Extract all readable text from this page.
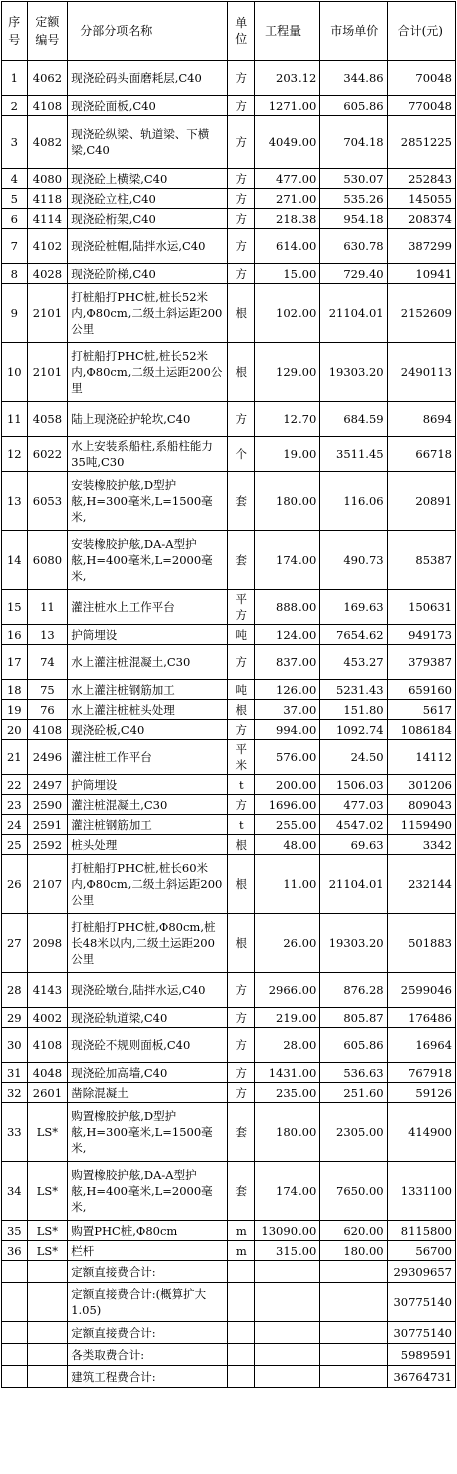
序号	定额编号	分部分项名称	单位	工程量	市场单价	合计(元)
1	4062	现浇砼码头面磨耗层,C40	方	203.12	344.86	70048
2	4108	现浇砼面板,C40	方	1271.00	605.86	770048
3	4082	现浇砼纵梁、轨道梁、下横梁,C40	方	4049.00	704.18	2851225
4	4080	现浇砼上横梁,C40	方	477.00	530.07	252843
5	4118	现浇砼立柱,C40	方	271.00	535.26	145055
6	4114	现浇砼桁架,C40	方	218.38	954.18	208374
7	4102	现浇砼桩帽,陆拌水运,C40	方	614.00	630.78	387299
8	4028	现浇砼阶梯,C40	方	15.00	729.40	10941
9	2101	打桩船打PHC桩,桩长52米内,Φ80cm,二级土斜运距200公里	根	102.00	21104.01	2152609
10	2101	打桩船打PHC桩,桩长52米内,Φ80cm,二级土运距200公里	根	129.00	19303.20	2490113
11	4058	陆上现浇砼护轮坎,C40	方	12.70	684.59	8694
12	6022	水上安装系船柱,系船柱能力35吨,C30	个	19.00	3511.45	66718
13	6053	安装橡胶护舷,D型护舷,H=300毫米,L=1500毫米,	套	180.00	116.06	20891
14	6080	安装橡胶护舷,DA-A型护舷,H=400毫米,L=2000毫米,	套	174.00	490.73	85387
15	11	灌注桩水上工作平台	平方	888.00	169.63	150631
16	13	护筒埋设	吨	124.00	7654.62	949173
17	74	水上灌注桩混凝土,C30	方	837.00	453.27	379387
18	75	水上灌注桩钢筋加工	吨	126.00	5231.43	659160
19	76	水上灌注桩桩头处理	根	37.00	151.80	5617
20	4108	现浇砼板,C40	方	994.00	1092.74	1086184
21	2496	灌注桩工作平台	平米	576.00	24.50	14112
22	2497	护筒埋设	t	200.00	1506.03	301206
23	2590	灌注桩混凝土,C30	方	1696.00	477.03	809043
24	2591	灌注桩钢筋加工	t	255.00	4547.02	1159490
25	2592	桩头处理	根	48.00	69.63	3342
26	2107	打桩船打PHC桩,桩长60米内,Φ80cm,二级土斜运距200公里	根	11.00	21104.01	232144
27	2098	打桩船打PHC桩,Φ80cm,桩长48米以内,二级土运距200公里	根	26.00	19303.20	501883
28	4143	现浇砼墩台,陆拌水运,C40	方	2966.00	876.28	2599046
29	4002	现浇砼轨道梁,C40	方	219.00	805.87	176486
30	4108	现浇砼不规则面板,C40	方	28.00	605.86	16964
31	4048	现浇砼加高墙,C40	方	1431.00	536.63	767918
32	2601	凿除混凝土	方	235.00	251.60	59126
33	LS*	购置橡胶护舷,D型护舷,H=300毫米,L=1500毫米,	套	180.00	2305.00	414900
34	LS*	购置橡胶护舷,DA-A型护舷,H=400毫米,L=2000毫米,	套	174.00	7650.00	1331100
35	LS*	购置PHC桩,Φ80cm	m	13090.00	620.00	8115800
36	LS*	栏杆	m	315.00	180.00	56700
		定额直接费合计:				29309657
		定额直接费合计:(概算扩大 1.05)				30775140
		定额直接费合计:				30775140
		各类取费合计:				5989591
		建筑工程费合计:				36764731
